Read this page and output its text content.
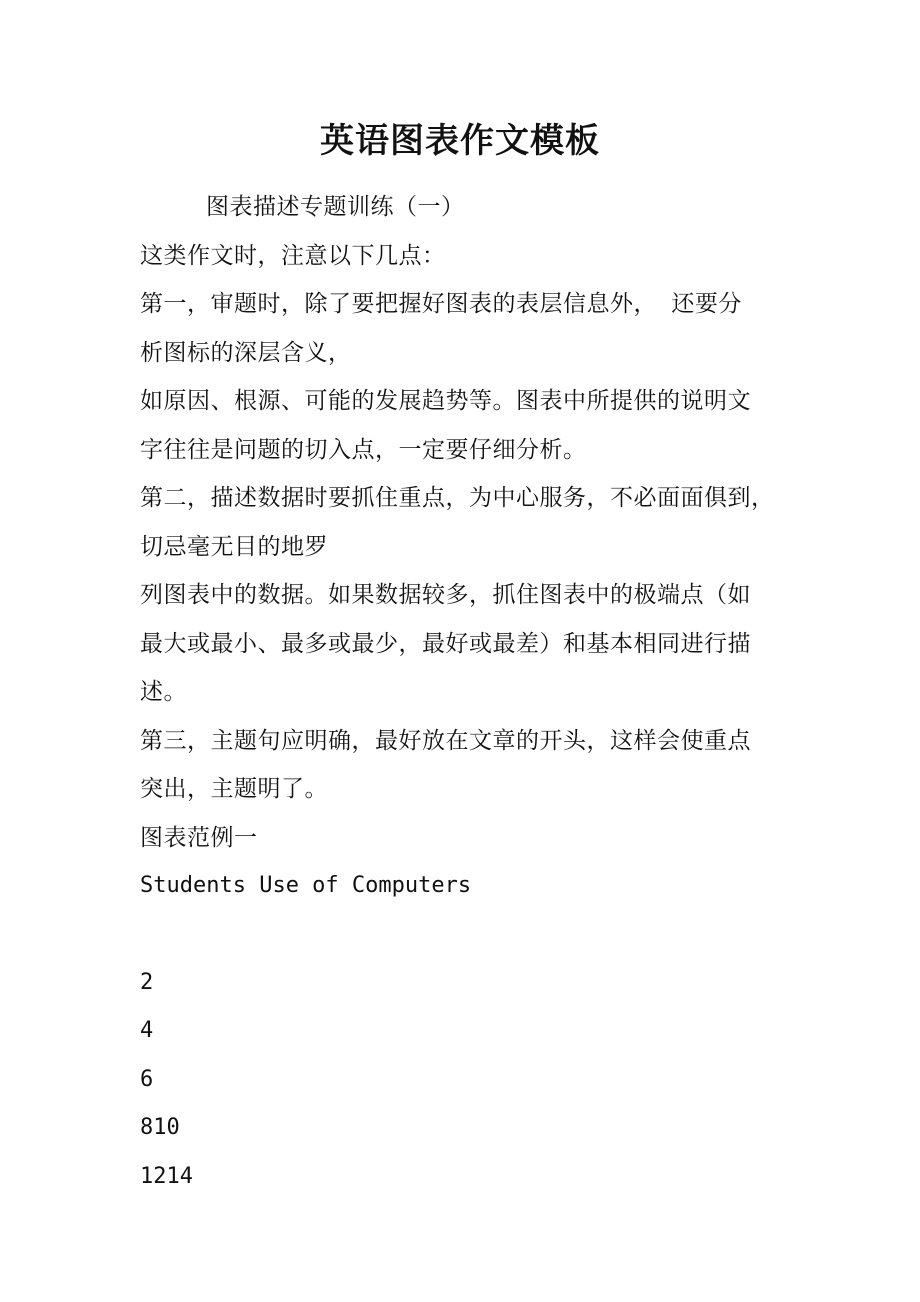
英语图表作文模板

图表描述专题训练（一）

这类作文时，注意以下几点：

第一，审题时，除了要把握好图表的表层信息外， 还要分

析图标的深层含义，

如原因、根源、可能的发展趋势等。图表中所提供的说明文

字往往是问题的切入点，一定要仔细分析。

第二，描述数据时要抓住重点，为中心服务，不必面面俱到，

切忌毫无目的地罗

列图表中的数据。如果数据较多，抓住图表中的极端点（如

最大或最小、最多或最少，最好或最差）和基本相同进行描

述。

第三，主题句应明确，最好放在文章的开头，这样会使重点

突出，主题明了。

图表范例一

Students Use of Computers

2

4

6

810

1214
